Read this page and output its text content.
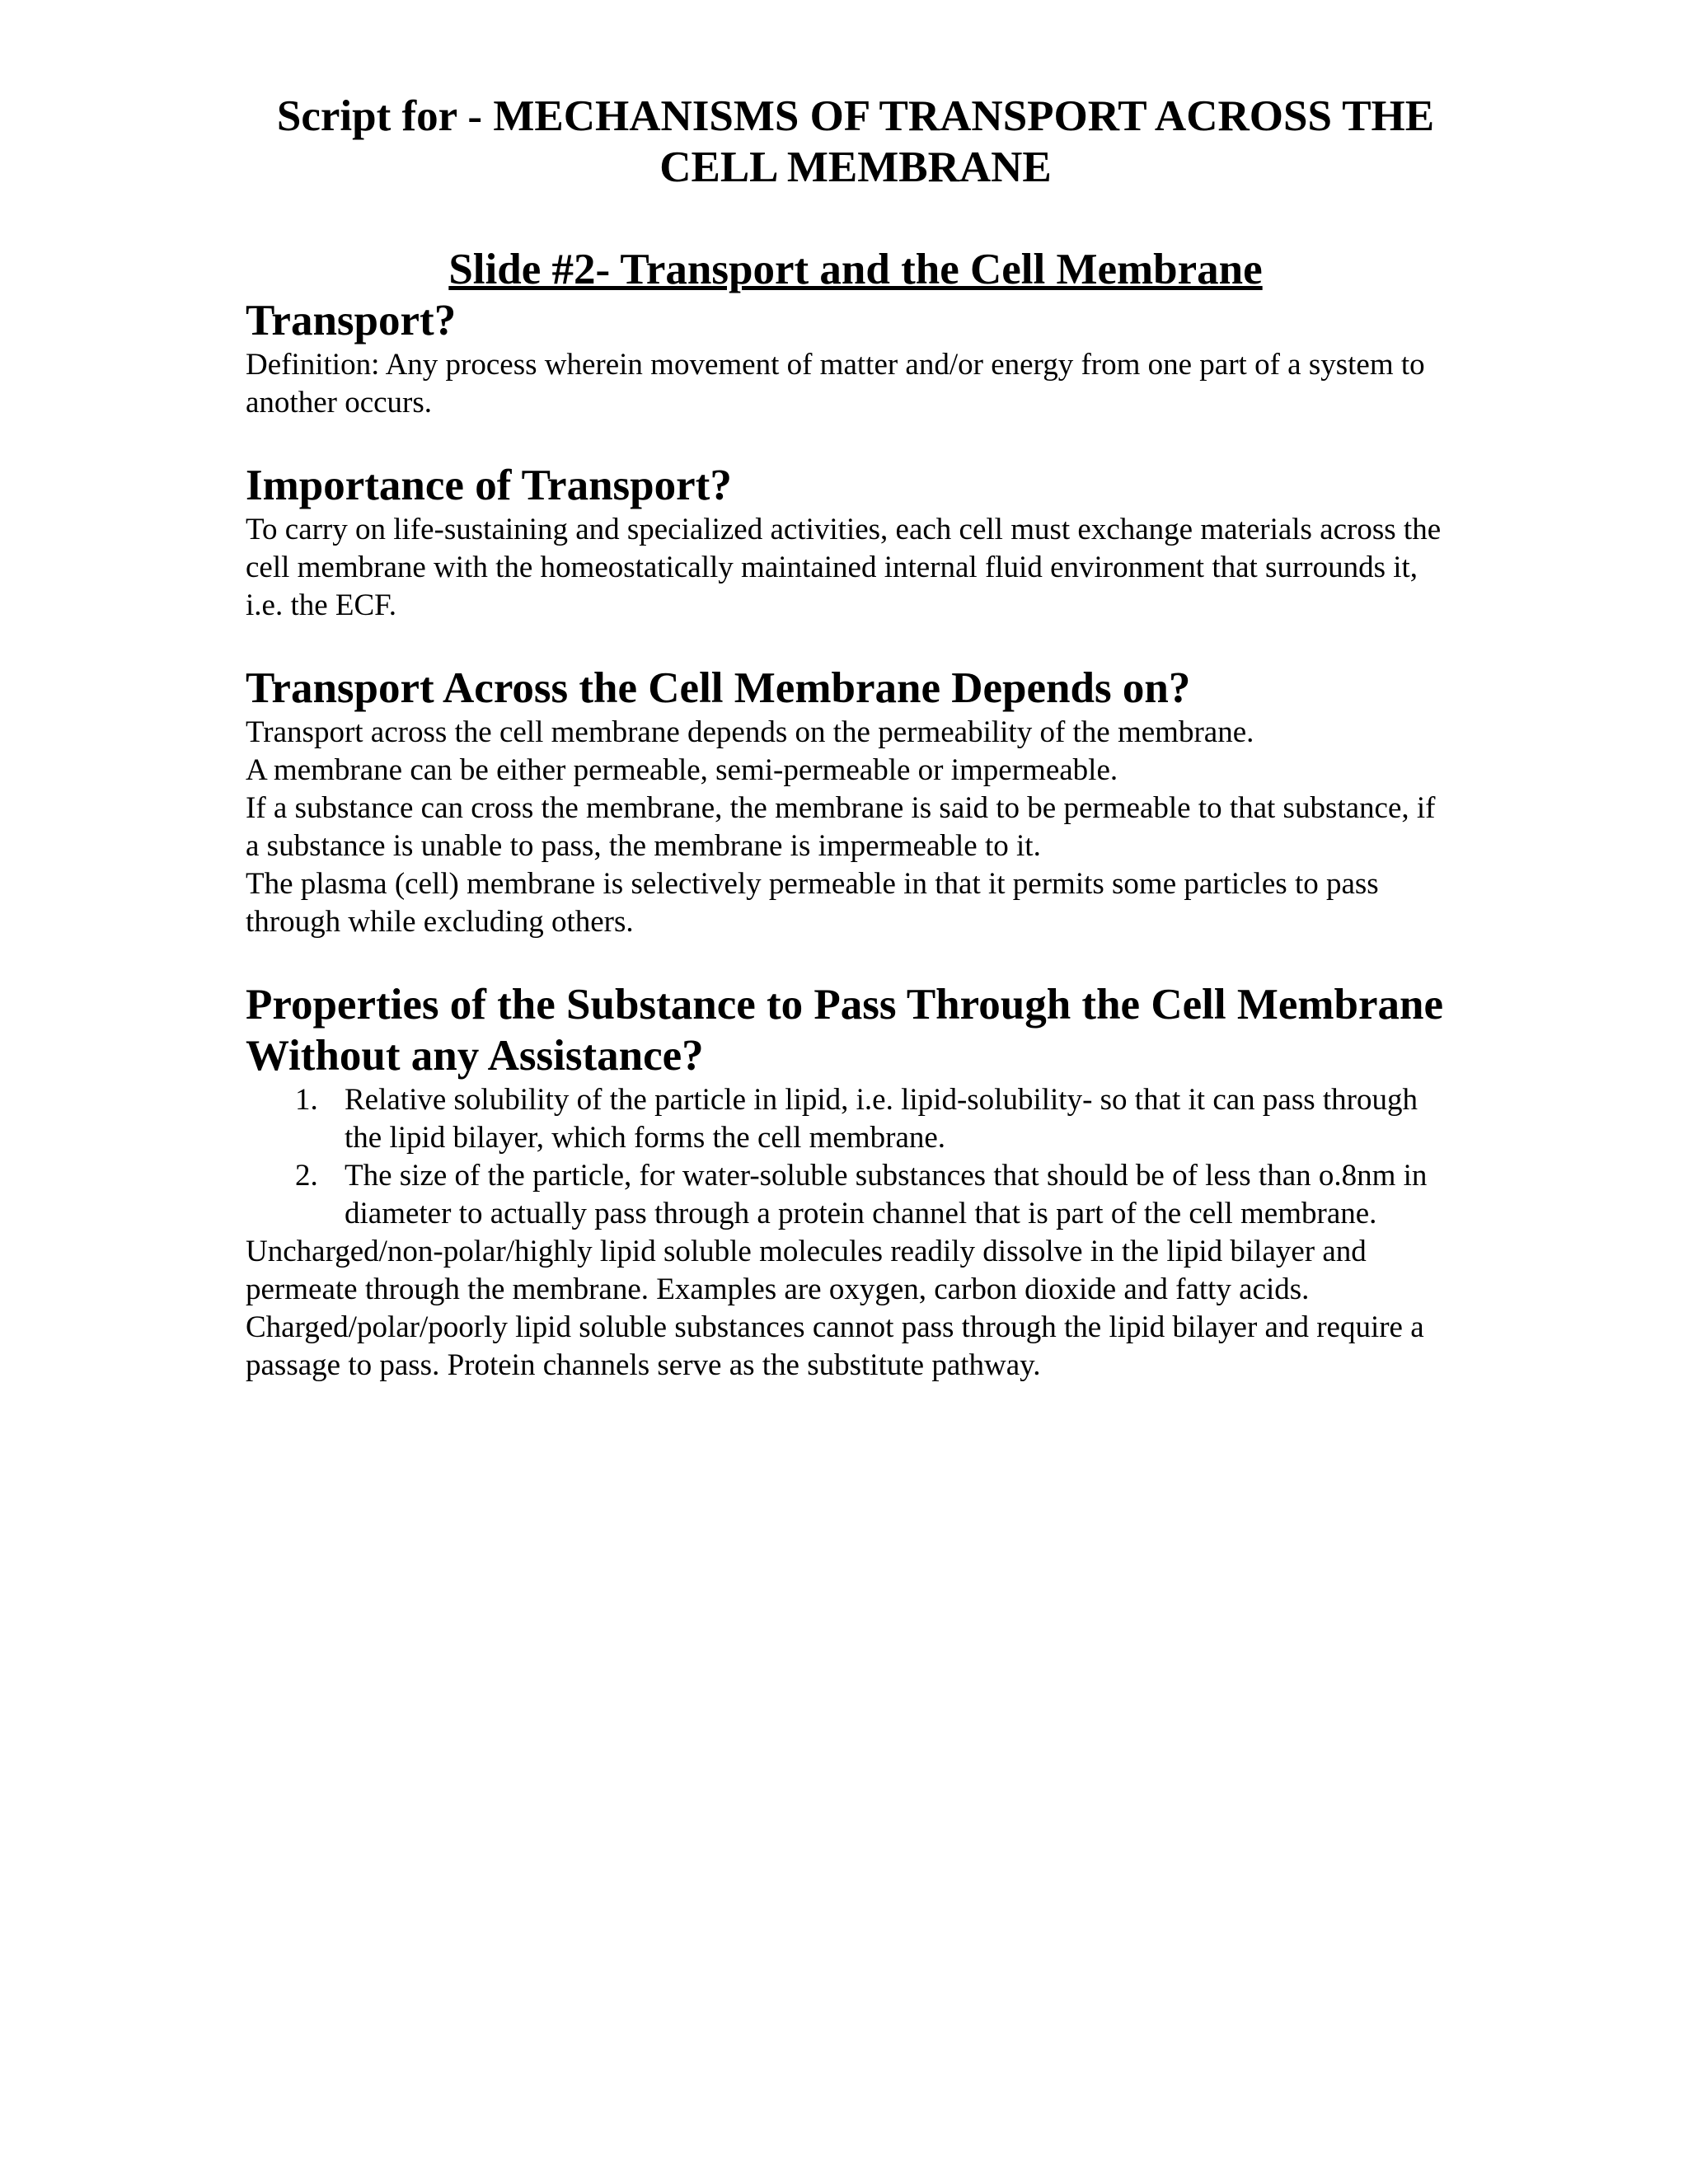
Script for - MECHANISMS OF TRANSPORT ACROSS THE CELL MEMBRANE
Slide #2- Transport and the Cell Membrane
Transport?

Definition: Any process wherein movement of matter and/or energy from one part of a system to another occurs.

Importance of Transport?

To carry on life-sustaining and specialized activities, each cell must exchange materials across the cell membrane with the homeostatically maintained internal fluid environment that surrounds it, i.e. the ECF.

Transport Across the Cell Membrane Depends on?

Transport across the cell membrane depends on the permeability of the membrane.

A membrane can be either permeable, semi-permeable or impermeable.

If a substance can cross the membrane, the membrane is said to be permeable to that substance, if a substance is unable to pass, the membrane is impermeable to it.

The plasma (cell) membrane is selectively permeable in that it permits some particles to pass through while excluding others.

Properties of the Substance to Pass Through the Cell Membrane Without any Assistance?
1. Relative solubility of the particle in lipid, i.e. lipid-solubility- so that it can pass through the lipid bilayer, which forms the cell membrane.
2. The size of the particle, for water-soluble substances that should be of less than o.8nm in diameter to actually pass through a protein channel that is part of the cell membrane.

Uncharged/non-polar/highly lipid soluble molecules readily dissolve in the lipid bilayer and permeate through the membrane. Examples are oxygen, carbon dioxide and fatty acids.

Charged/polar/poorly lipid soluble substances cannot pass through the lipid bilayer and require a passage to pass. Protein channels serve as the substitute pathway.
